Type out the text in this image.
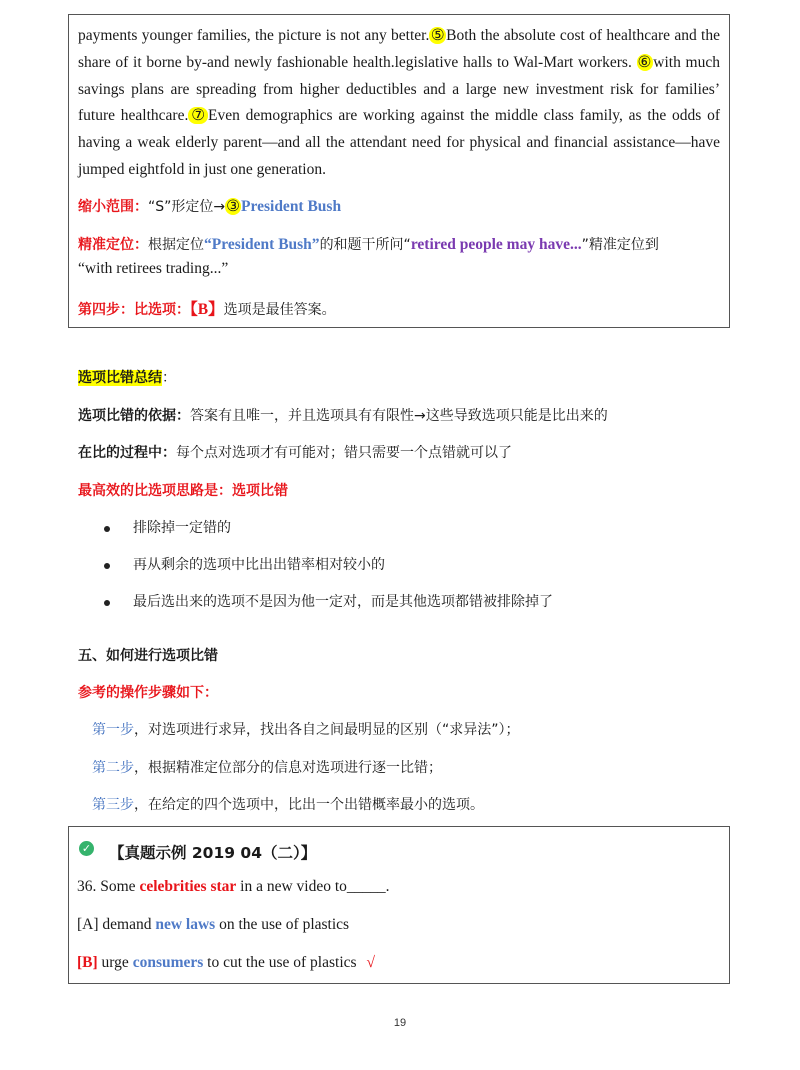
payments younger families, the picture is not any better.⑤Both the absolute cost of healthcare and the share of it borne by-and newly fashionable health.legislative halls to Wal-Mart workers. ⑥with much savings plans are spreading from higher deductibles and a large new investment risk for families’ future healthcare.⑦Even demographics are working against the middle class family, as the odds of having a weak elderly parent—and all the attendant need for physical and financial assistance—have jumped eightfold in just one generation.

缩小范围：“S”形定位→③President Bush
精准定位：根据定位“President Bush”的和题干所问“retired people may have...”精准定位到
“with retirees trading...”
第四步：比选项：【B】选项是最佳答案。
选项比错总结：
选项比错的依据：答案有且唯一，并且选项具有有限性→这些导致选项只能是比出来的
在比的过程中：每个点对选项才有可能对；错只需要一个点错就可以了
最高效的比选项思路是：选项比错
排除掉一定错的
再从剩余的选项中比出出错率相对较小的
最后选出来的选项不是因为他一定对，而是其他选项都错被排除掉了
五、如何进行选项比错
参考的操作步骤如下：
第一步，对选项进行求异，找出各自之间最明显的区别（“求异法”）；
第二步，根据精准定位部分的信息对选项进行逐一比错；
第三步，在给定的四个选项中，比出一个出错概率最小的选项。
✓ 【真题示例 2019 04（二）】
36. Some celebrities star in a new video to_____.
[A] demand new laws on the use of plastics
[B] urge consumers to cut the use of plastics √
19
